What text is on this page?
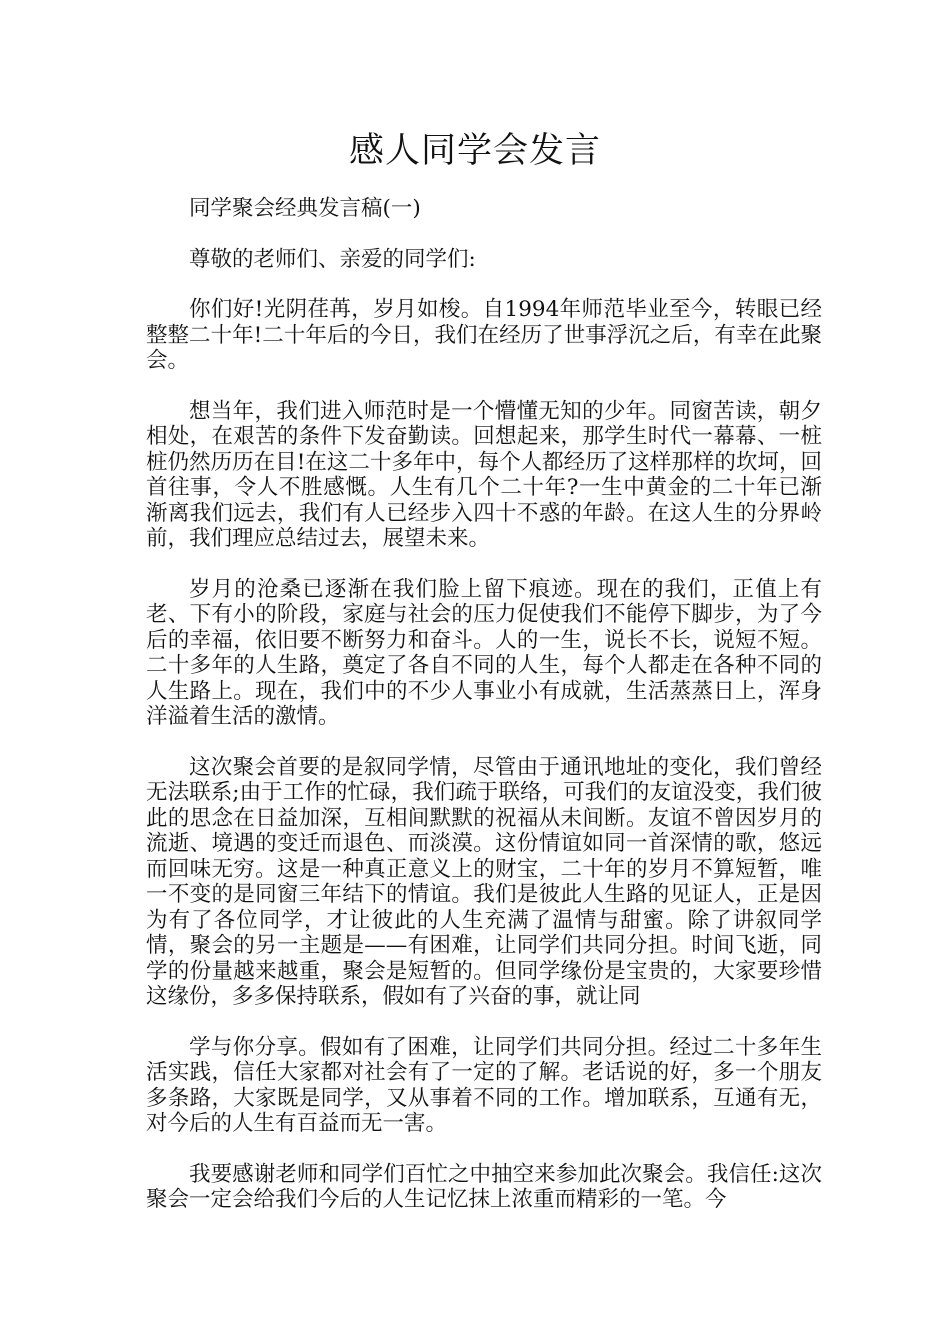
感人同学会发言

同学聚会经典发言稿(一)

尊敬的老师们、亲爱的同学们:

你们好!光阴荏苒，岁月如梭。自1994年师范毕业至今，转眼已经整整二十年!二十年后的今日，我们在经历了世事浮沉之后，有幸在此聚会。

想当年，我们进入师范时是一个懵懂无知的少年。同窗苦读，朝夕相处，在艰苦的条件下发奋勤读。回想起来，那学生时代一幕幕、一桩桩仍然历历在目!在这二十多年中，每个人都经历了这样那样的坎坷，回首往事，令人不胜感慨。人生有几个二十年?一生中黄金的二十年已渐渐离我们远去，我们有人已经步入四十不惑的年龄。在这人生的分界岭前，我们理应总结过去，展望未来。

岁月的沧桑已逐渐在我们脸上留下痕迹。现在的我们，正值上有老、下有小的阶段，家庭与社会的压力促使我们不能停下脚步，为了今后的幸福，依旧要不断努力和奋斗。人的一生，说长不长，说短不短。二十多年的人生路，奠定了各自不同的人生，每个人都走在各种不同的人生路上。现在，我们中的不少人事业小有成就，生活蒸蒸日上，浑身洋溢着生活的激情。

这次聚会首要的是叙同学情，尽管由于通讯地址的变化，我们曾经无法联系;由于工作的忙碌，我们疏于联络，可我们的友谊没变，我们彼此的思念在日益加深，互相间默默的祝福从未间断。友谊不曾因岁月的流逝、境遇的变迁而退色、而淡漠。这份情谊如同一首深情的歌，悠远而回味无穷。这是一种真正意义上的财宝，二十年的岁月不算短暂，唯一不变的是同窗三年结下的情谊。我们是彼此人生路的见证人，正是因为有了各位同学，才让彼此的人生充满了温情与甜蜜。除了讲叙同学情，聚会的另一主题是——有困难，让同学们共同分担。时间飞逝，同学的份量越来越重，聚会是短暂的。但同学缘份是宝贵的，大家要珍惜这缘份，多多保持联系，假如有了兴奋的事，就让同

学与你分享。假如有了困难，让同学们共同分担。经过二十多年生活实践，信任大家都对社会有了一定的了解。老话说的好，多一个朋友多条路，大家既是同学，又从事着不同的工作。增加联系，互通有无，对今后的人生有百益而无一害。

我要感谢老师和同学们百忙之中抽空来参加此次聚会。我信任:这次聚会一定会给我们今后的人生记忆抹上浓重而精彩的一笔。今
